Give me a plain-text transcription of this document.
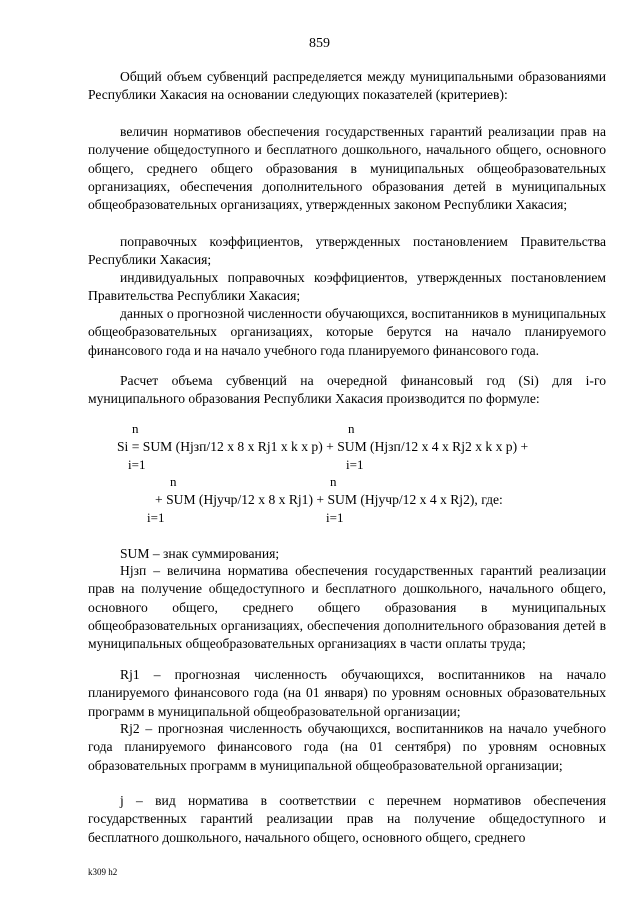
859
Общий объем субвенций распределяется между муниципальными образованиями Республики Хакасия на основании следующих показателей (критериев):
величин нормативов обеспечения государственных гарантий реализации прав на получение общедоступного и бесплатного дошкольного, начального общего, основного общего, среднего общего образования в муниципальных общеобразовательных организациях, обеспечения дополнительного образования детей в муниципальных общеобразовательных организациях, утвержденных законом Республики Хакасия;
поправочных коэффициентов, утвержденных постановлением Правительства Республики Хакасия;
индивидуальных поправочных коэффициентов, утвержденных постановлением Правительства Республики Хакасия;
данных о прогнозной численности обучающихся, воспитанников в муниципальных общеобразовательных организациях, которые берутся на начало планируемого финансового года и на начало учебного года планируемого финансового года.
Расчет объема субвенций на очередной финансовый год (Si) для i-го муниципального образования Республики Хакасия производится по формуле:
n	n
Si = SUM (Hjзп/12 x 8 x Rj1 x k x p) + SUM (Hjзп/12 x 4 x Rj2 x k x p) +
i=1	i=1
n	n
+ SUM (Hjучр/12 x 8 x Rj1) + SUM (Hjучр/12 x 4 x Rj2), где:
i=1	i=1
SUM – знак суммирования;
Hjзп – величина норматива обеспечения государственных гарантий реализации прав на получение общедоступного и бесплатного дошкольного, начального общего, основного общего, среднего общего образования в муниципальных общеобразовательных организациях, обеспечения дополнительного образования детей в муниципальных общеобразовательных организациях в части оплаты труда;
Rj1 – прогнозная численность обучающихся, воспитанников на начало планируемого финансового года (на 01 января) по уровням основных образовательных программ в муниципальной общеобразовательной организации;
Rj2 – прогнозная численность обучающихся, воспитанников на начало учебного года планируемого финансового года (на 01 сентября) по уровням основных образовательных программ в муниципальной общеобразовательной организации;
j – вид норматива в соответствии с перечнем нормативов обеспечения государственных гарантий реализации прав на получение общедоступного и бесплатного дошкольного, начального общего, основного общего, среднего
k309 h2
